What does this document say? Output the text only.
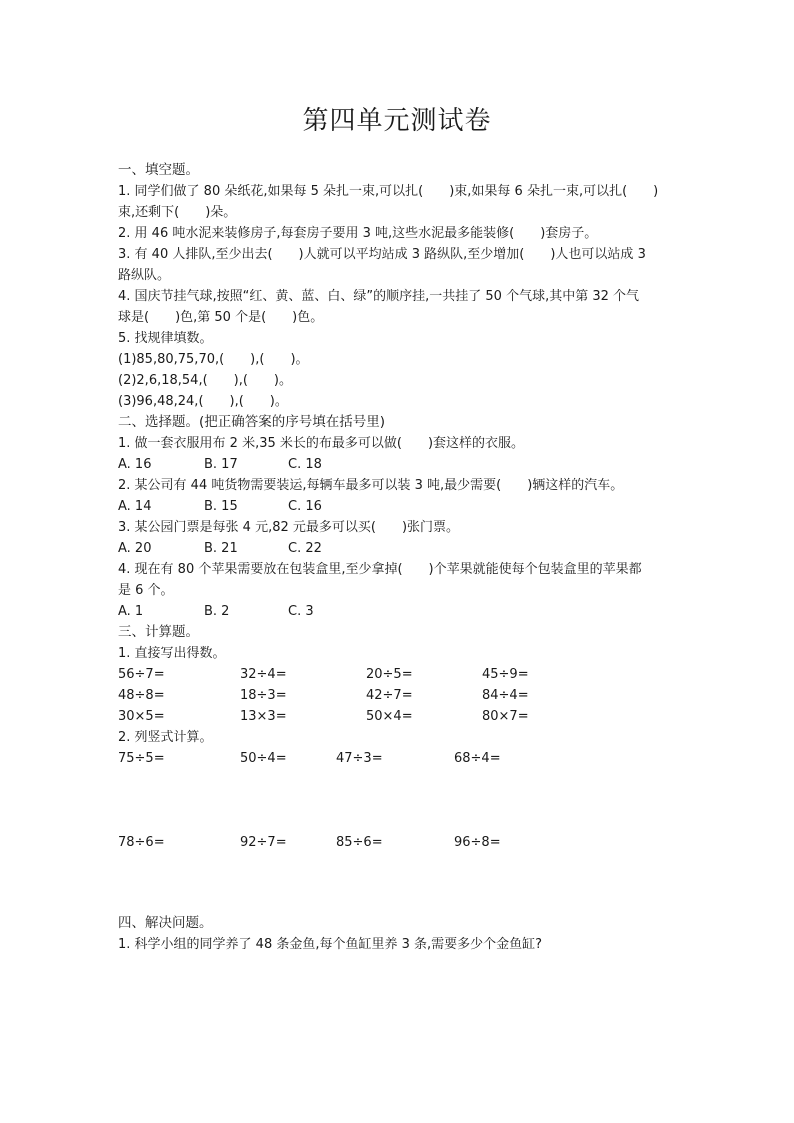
第四单元测试卷
一、填空题。
1. 同学们做了 80 朵纸花,如果每 5 朵扎一束,可以扎(　　)束,如果每 6 朵扎一束,可以扎(　　)
束,还剩下(　　)朵。
2. 用 46 吨水泥来装修房子,每套房子要用 3 吨,这些水泥最多能装修(　　)套房子。
3. 有 40 人排队,至少出去(　　)人就可以平均站成 3 路纵队,至少增加(　　)人也可以站成 3
路纵队。
4. 国庆节挂气球,按照“红、黄、蓝、白、绿”的顺序挂,一共挂了 50 个气球,其中第 32 个气
球是(　　)色,第 50 个是(　　)色。
5. 找规律填数。
(1)85,80,75,70,(　　),(　　)。
(2)2,6,18,54,(　　),(　　)。
(3)96,48,24,(　　),(　　)。
二、选择题。(把正确答案的序号填在括号里)
1. 做一套衣服用布 2 米,35 米长的布最多可以做(　　)套这样的衣服。
A. 16	B. 17	C. 18
2. 某公司有 44 吨货物需要装运,每辆车最多可以装 3 吨,最少需要(　　)辆这样的汽车。
A. 14	B. 15	C. 16
3. 某公园门票是每张 4 元,82 元最多可以买(　　)张门票。
A. 20	B. 21	C. 22
4. 现在有 80 个苹果需要放在包装盒里,至少拿掉(　　)个苹果就能使每个包装盒里的苹果都
是 6 个。
A. 1	B. 2	C. 3
三、计算题。
1. 直接写出得数。
56÷7=	32÷4=	20÷5=	45÷9=
48÷8=	18÷3=	42÷7=	84÷4=
30×5=	13×3=	50×4=	80×7=
2. 列竖式计算。
75÷5=	50÷4=	47÷3=	68÷4=
78÷6=	92÷7=	85÷6=	96÷8=
四、解决问题。
1. 科学小组的同学养了 48 条金鱼,每个鱼缸里养 3 条,需要多少个金鱼缸?
